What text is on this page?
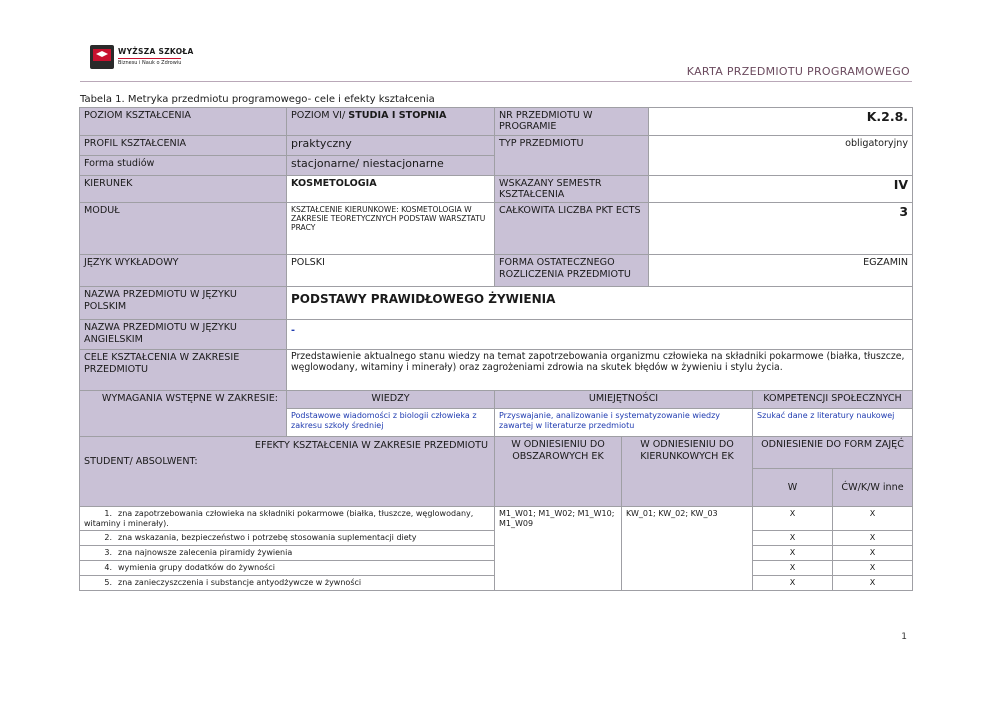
WYŻSZA SZKOŁA
Biznesu i Nauk o Zdrowiu
KARTA PRZEDMIOTU PROGRAMOWEGO
Tabela 1. Metryka przedmiotu programowego- cele i efekty kształcenia
POZIOM KSZTAŁCENIA	POZIOM VI/ STUDIA I STOPNIA	NR PRZEDMIOTU W PROGRAMIE		K.2.8.		
PROFIL KSZTAŁCENIA	praktyczny	TYP PRZEDMIOTU		obligatoryjny		
Forma studiów	stacjonarne/ niestacjonarne					
KIERUNEK	KOSMETOLOGIA	WSKAZANY SEMESTR KSZTAŁCENIA		IV		
MODUŁ	KSZTAŁCENIE KIERUNKOWE: KOSMETOLOGIA W ZAKRESIE TEORETYCZNYCH PODSTAW WARSZTATU PRACY	CAŁKOWITA LICZBA PKT ECTS		3		
JĘZYK WYKŁADOWY	POLSKI	FORMA OSTATECZNEGO ROZLICZENIA PRZEDMIOTU		EGZAMIN		
NAZWA PRZEDMIOTU W JĘZYKU POLSKIM	PODSTAWY PRAWIDŁOWEGO ŻYWIENIA					
NAZWA PRZEDMIOTU W JĘZYKU ANGIELSKIM	-					
CELE KSZTAŁCENIA W ZAKRESIE PRZEDMIOTU	Przedstawienie aktualnego stanu wiedzy na temat zapotrzebowania organizmu człowieka na składniki pokarmowe (białka, tłuszcze, węglowodany, witaminy i minerały) oraz zagrożeniami zdrowia na skutek błędów w żywieniu i stylu życia.					
WYMAGANIA WSTĘPNE W ZAKRESIE:	WIEDZY	UMIEJĘTNOŚCI			KOMPETENCJI SPOŁECZNYCH	
	Podstawowe wiadomości z biologii człowieka z zakresu szkoły średniej	Przyswajanie, analizowanie i systematyzowanie wiedzy zawartej w literaturze przedmiotu			Szukać dane z literatury naukowej	

EFEKTY KSZTAŁCENIA W ZAKRESIE PRZEDMIOTU
STUDENT/ ABSOLWENT:		W ODNIESIENIU DO OBSZAROWYCH EK	W ODNIESIENIU DO KIERUNKOWYCH EK		ODNIESIENIE DO FORM ZAJĘĆ	
					W	ĆW/K/W inne
1. zna zapotrzebowania człowieka na składniki pokarmowe (białka, tłuszcze, węglowodany, witaminy i minerały).		M1_W01; M1_W02; M1_W10; M1_W09	KW_01; KW_02; KW_03		X	X
2. zna wskazania, bezpieczeństwo i potrzebę stosowania suplementacji diety					X	X
3. zna najnowsze zalecenia piramidy żywienia					X	X
4. wymienia grupy dodatków do żywności					X	X
5. zna zanieczyszczenia i substancje antyodżywcze w żywności					X	X
1
